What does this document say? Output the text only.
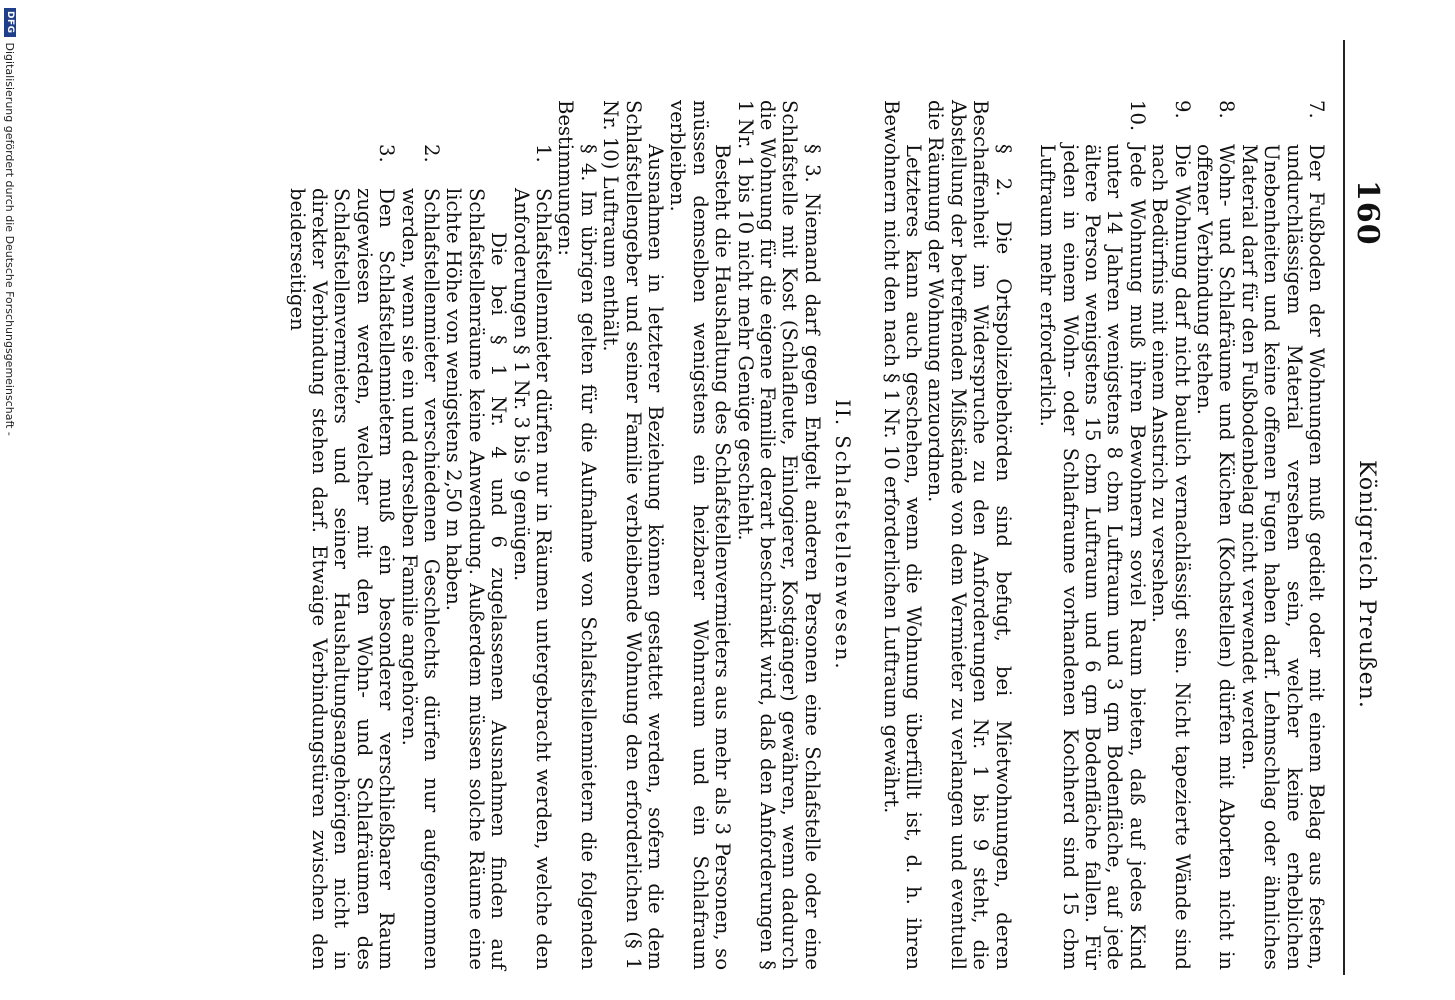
160
Königreich Preußen.

7.
Der Fußboden der Wohnungen muß gedielt oder mit einem Belag aus festem, undurchlässigem Material versehen sein, welcher keine erheblichen Unebenheiten und keine offenen Fugen haben darf. Lehmschlag oder ähnliches Material darf für den Fußbodenbelag nicht verwendet werden.

8.
Wohn- und Schlafräume und Küchen (Kochstellen) dürfen mit Aborten nicht in offener Verbindung stehen.

9.
Die Wohnung darf nicht baulich vernachlässigt sein. Nicht tapezierte Wände sind nach Bedürfnis mit einem Anstrich zu versehen.

10.
Jede Wohnung muß ihren Bewohnern soviel Raum bieten, daß auf jedes Kind unter 14 Jahren wenigstens 8 cbm Luftraum und 3 qm Bodenfläche, auf jede ältere Person wenigstens 15 cbm Luftraum und 6 qm Bodenfläche fallen. Für jeden in einem Wohn- oder Schlafraume vorhandenen Kochherd sind 15 cbm Luftraum mehr erforderlich.

§ 2. Die Ortspolizeibehörden sind befugt, bei Mietwohnungen, deren Beschaffenheit im Widerspruche zu den Anforderungen Nr. 1 bis 9 steht, die Abstellung der betreffenden Mißstände von dem Vermieter zu verlangen und eventuell die Räumung der Wohnung anzuordnen.

Letzteres kann auch geschehen, wenn die Wohnung überfüllt ist, d. h. ihren Bewohnern nicht den nach § 1 Nr. 10 erforderlichen Luftraum gewährt.

II. Schlafstellenwesen.

§ 3. Niemand darf gegen Entgelt anderen Personen eine Schlafstelle oder eine Schlafstelle mit Kost (Schlafleute, Einlogierer, Kostgänger) gewähren, wenn dadurch die Wohnung für die eigene Familie derart beschränkt wird, daß den Anforderungen § 1 Nr. 1 bis 10 nicht mehr Genüge geschieht.

Besteht die Haushaltung des Schlafstellenvermieters aus mehr als 3 Personen, so müssen demselben wenigstens ein heizbarer Wohnraum und ein Schlafraum verbleiben.

Ausnahmen in letzterer Beziehung können gestattet werden, sofern die dem Schlafstellengeber und seiner Familie verbleibende Wohnung den erforderlichen (§ 1 Nr. 10) Luftraum enthält.

§ 4. Im übrigen gelten für die Aufnahme von Schlafstellenmietern die folgenden Bestimmungen:

1.
Schlafstellenmieter dürfen nur in Räumen untergebracht werden, welche den Anforderungen § 1 Nr. 3 bis 9 genügen.

Die bei § 1 Nr. 4 und 6 zugelassenen Ausnahmen finden auf Schlafstellenräume keine Anwendung. Außerdem müssen solche Räume eine lichte Höhe von wenigstens 2,50 m haben.

2.
Schlafstellenmieter verschiedenen Geschlechts dürfen nur aufgenommen werden, wenn sie ein und derselben Familie angehören.

3.
Den Schlafstellenmietern muß ein besonderer verschließbarer Raum zugewiesen werden, welcher mit den Wohn- und Schlafräumen des Schlafstellenvermieters und seiner Haushaltungsangehörigen nicht in direkter Verbindung stehen darf. Etwaige Verbindungstüren zwischen den beiderseitigen

DFG
Digitalisierung gefördert durch die Deutsche Forschungsgemeinschaft -
